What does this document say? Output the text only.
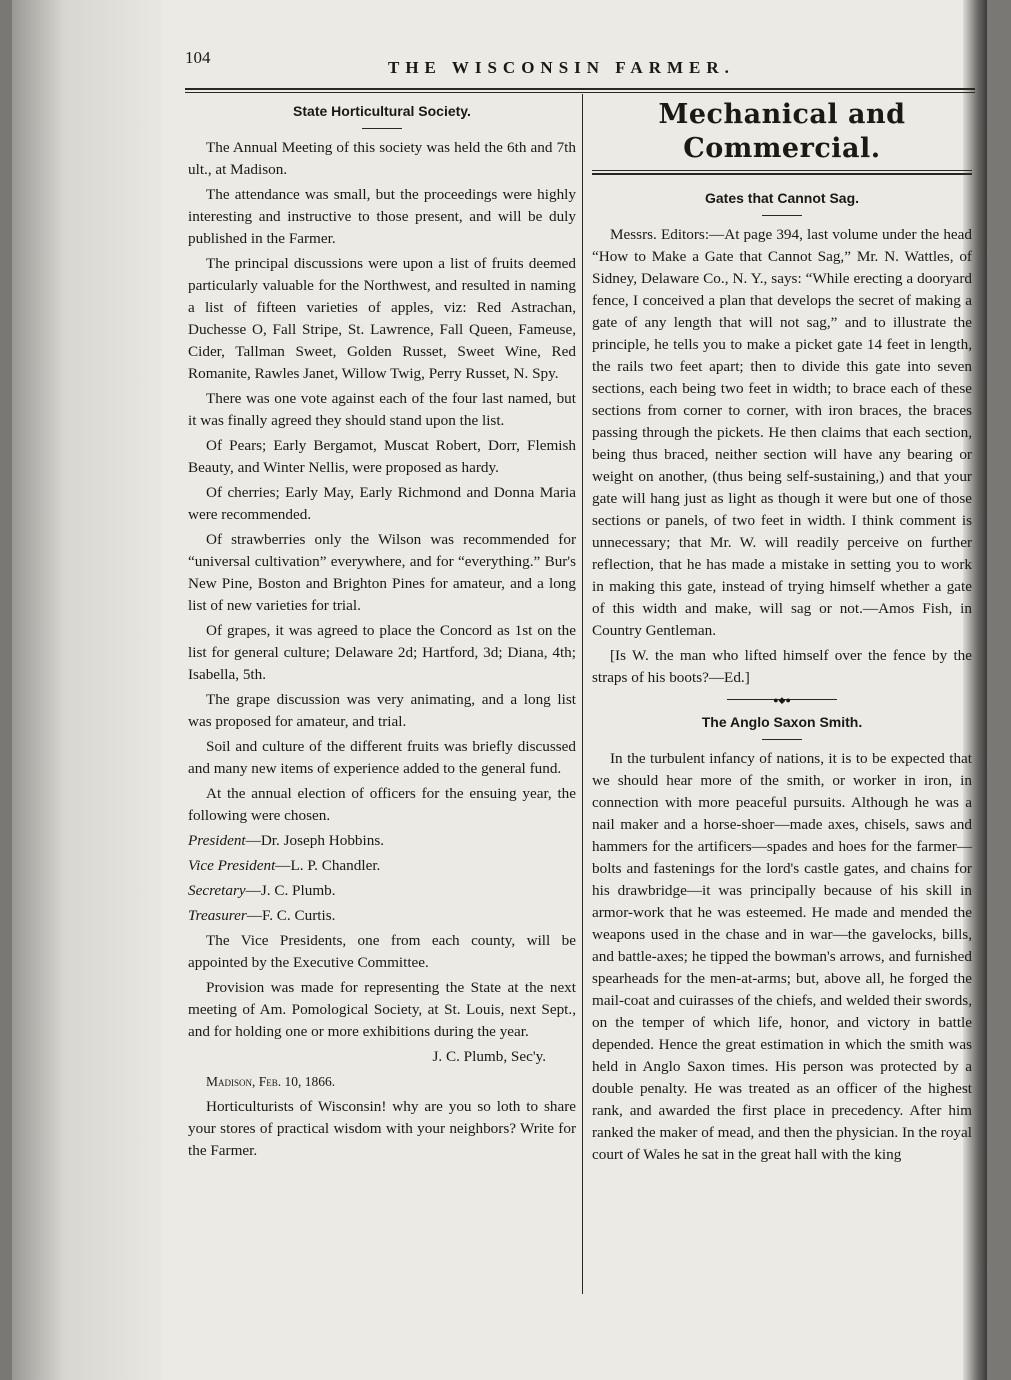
104
THE WISCONSIN FARMER.
State Horticultural Society.

The Annual Meeting of this society was held the 6th and 7th ult., at Madison.

The attendance was small, but the proceedings were highly interesting and instructive to those present, and will be duly published in the Farmer.

The principal discussions were upon a list of fruits deemed particularly valuable for the Northwest, and resulted in naming a list of fifteen varieties of apples, viz: Red Astrachan, Duchesse O, Fall Stripe, St. Lawrence, Fall Queen, Fameuse, Cider, Tallman Sweet, Golden Russet, Sweet Wine, Red Romanite, Rawles Janet, Willow Twig, Perry Russet, N. Spy.

There was one vote against each of the four last named, but it was finally agreed they should stand upon the list.

Of Pears; Early Bergamot, Muscat Robert, Dorr, Flemish Beauty, and Winter Nellis, were proposed as hardy.

Of cherries; Early May, Early Richmond and Donna Maria were recommended.

Of strawberries only the Wilson was recommended for “universal cultivation” everywhere, and for “everything.” Bur's New Pine, Boston and Brighton Pines for amateur, and a long list of new varieties for trial.

Of grapes, it was agreed to place the Concord as 1st on the list for general culture; Delaware 2d; Hartford, 3d; Diana, 4th; Isabella, 5th.

The grape discussion was very animating, and a long list was proposed for amateur, and trial.

Soil and culture of the different fruits was briefly discussed and many new items of experience added to the general fund.

At the annual election of officers for the ensuing year, the following were chosen.

President—Dr. Joseph Hobbins.

Vice President—L. P. Chandler.

Secretary—J. C. Plumb.

Treasurer—F. C. Curtis.

The Vice Presidents, one from each county, will be appointed by the Executive Committee.

Provision was made for representing the State at the next meeting of Am. Pomological Society, at St. Louis, next Sept., and for holding one or more exhibitions during the year.

J. C. Plumb, Sec'y.

Madison, Feb. 10, 1866.

Horticulturists of Wisconsin! why are you so loth to share your stores of practical wisdom with your neighbors? Write for the Farmer.

Mechanical and Commercial.
Gates that Cannot Sag.

Messrs. Editors:—At page 394, last volume under the head “How to Make a Gate that Cannot Sag,” Mr. N. Wattles, of Sidney, Delaware Co., N. Y., says: “While erecting a dooryard fence, I conceived a plan that develops the secret of making a gate of any length that will not sag,” and to illustrate the principle, he tells you to make a picket gate 14 feet in length, the rails two feet apart; then to divide this gate into seven sections, each being two feet in width; to brace each of these sections from corner to corner, with iron braces, the braces passing through the pickets. He then claims that each section, being thus braced, neither section will have any bearing or weight on another, (thus being self-sustaining,) and that your gate will hang just as light as though it were but one of those sections or panels, of two feet in width. I think comment is unnecessary; that Mr. W. will readily perceive on further reflection, that he has made a mistake in setting you to work in making this gate, instead of trying himself whether a gate of this width and make, will sag or not.—Amos Fish, in Country Gentleman.

[Is W. the man who lifted himself over the fence by the straps of his boots?—Ed.]

●◆●
The Anglo Saxon Smith.

In the turbulent infancy of nations, it is to be expected that we should hear more of the smith, or worker in iron, in connection with more peaceful pursuits. Although he was a nail maker and a horse-shoer—made axes, chisels, saws and hammers for the artificers—spades and hoes for the farmer—bolts and fastenings for the lord's castle gates, and chains for his drawbridge—it was principally because of his skill in armor-work that he was esteemed. He made and mended the weapons used in the chase and in war—the gavelocks, bills, and battle-axes; he tipped the bowman's arrows, and furnished spearheads for the men-at-arms; but, above all, he forged the mail-coat and cuirasses of the chiefs, and welded their swords, on the temper of which life, honor, and victory in battle depended. Hence the great estimation in which the smith was held in Anglo Saxon times. His person was protected by a double penalty. He was treated as an officer of the highest rank, and awarded the first place in precedency. After him ranked the maker of mead, and then the physician. In the royal court of Wales he sat in the great hall with the king
